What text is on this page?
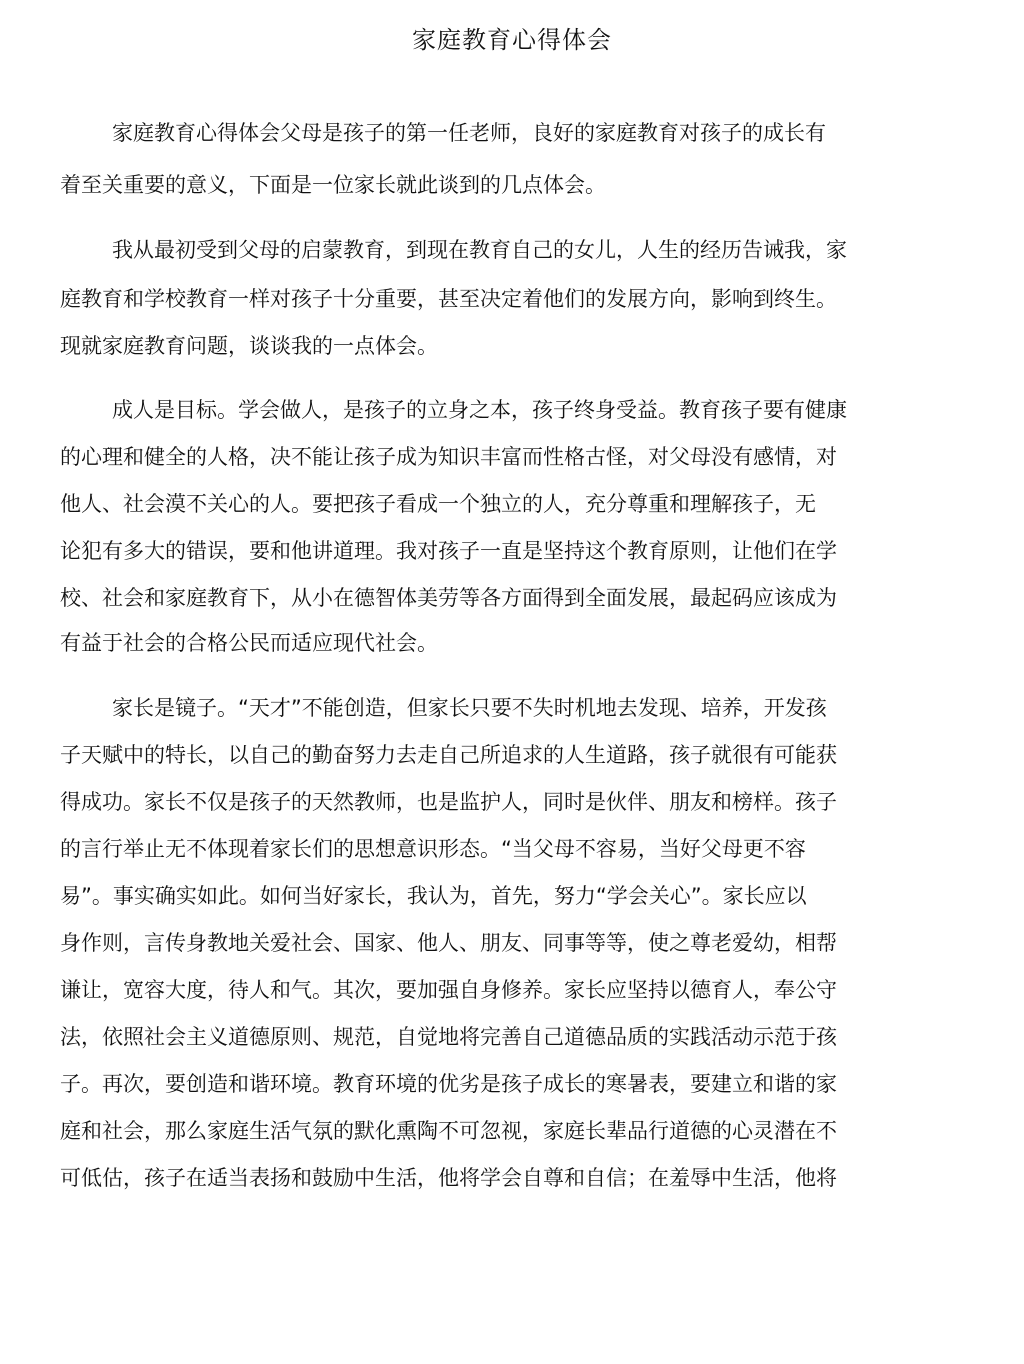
家庭教育心得体会
家庭教育心得体会父母是孩子的第一任老师，良好的家庭教育对孩子的成长有
着至关重要的意义，下面是一位家长就此谈到的几点体会。
我从最初受到父母的启蒙教育，到现在教育自己的女儿，人生的经历告诫我，家
庭教育和学校教育一样对孩子十分重要，甚至决定着他们的发展方向，影响到终生。
现就家庭教育问题，谈谈我的一点体会。
成人是目标。学会做人，是孩子的立身之本，孩子终身受益。教育孩子要有健康
的心理和健全的人格，决不能让孩子成为知识丰富而性格古怪，对父母没有感情，对
他人、社会漠不关心的人。要把孩子看成一个独立的人，充分尊重和理解孩子，无
论犯有多大的错误，要和他讲道理。我对孩子一直是坚持这个教育原则，让他们在学
校、社会和家庭教育下，从小在德智体美劳等各方面得到全面发展，最起码应该成为
有益于社会的合格公民而适应现代社会。
家长是镜子。“天才”不能创造，但家长只要不失时机地去发现、培养，开发孩
子天赋中的特长，以自己的勤奋努力去走自己所追求的人生道路，孩子就很有可能获
得成功。家长不仅是孩子的天然教师，也是监护人，同时是伙伴、朋友和榜样。孩子
的言行举止无不体现着家长们的思想意识形态。“当父母不容易，当好父母更不容
易”。事实确实如此。如何当好家长，我认为，首先，努力“学会关心”。家长应以
身作则，言传身教地关爱社会、国家、他人、朋友、同事等等，使之尊老爱幼，相帮
谦让，宽容大度，待人和气。其次，要加强自身修养。家长应坚持以德育人，奉公守
法，依照社会主义道德原则、规范，自觉地将完善自己道德品质的实践活动示范于孩
子。再次，要创造和谐环境。教育环境的优劣是孩子成长的寒暑表，要建立和谐的家
庭和社会，那么家庭生活气氛的默化熏陶不可忽视，家庭长辈品行道德的心灵潜在不
可低估，孩子在适当表扬和鼓励中生活，他将学会自尊和自信；在羞辱中生活，他将
